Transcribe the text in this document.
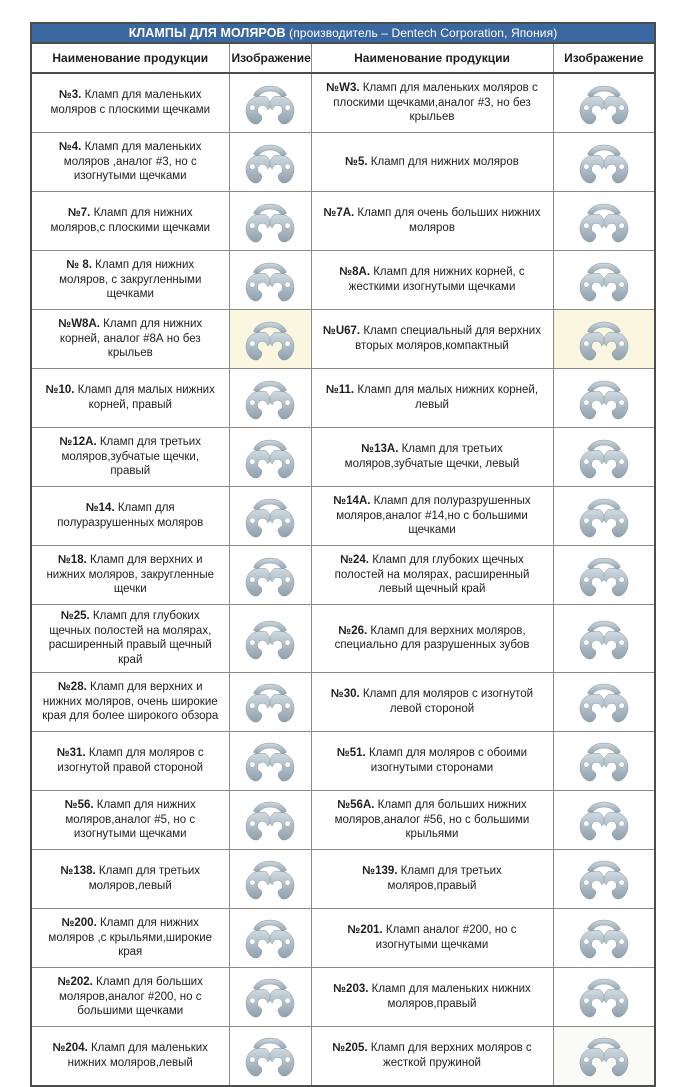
КЛАМПЫ ДЛЯ МОЛЯРОВ (производитель – Dentech Corporation, Япония)			
Наименование продукции	Изображение	Наименование продукции	Изображение
№3. Кламп для маленьких моляров с плоскими щечками		№W3. Кламп для маленьких моляров с плоскими щечками,аналог #3, но без крыльев	

№4. Кламп для маленьких моляров ,аналог #3, но с изогнутыми щечками		№5. Кламп для нижних моляров	

№7. Кламп для нижних моляров,с плоскими щечками		№7А. Кламп для очень больших нижних моляров	

№ 8. Кламп для нижних моляров, с закругленными щечками		№8А. Кламп для нижних корней, с жесткими изогнутыми щечками	

№W8А. Кламп для нижних корней, аналог #8А но без крыльев		№U67. Кламп специальный для верхних вторых моляров,компактный	

№10. Кламп для малых нижних корней, правый		№11. Кламп для малых нижних корней, левый	

№12А. Кламп для третьих моляров,зубчатые щечки, правый		№13А. Кламп для третьих моляров,зубчатые щечки, левый	

№14. Кламп для полуразрушенных моляров		№14А. Кламп для полуразрушенных моляров,аналог #14,но с большими щечками	

№18. Кламп для верхних и нижних моляров, закругленные щечки		№24. Кламп для глубоких щечных полостей на молярах, расширенный левый щечный край	

№25. Кламп для глубоких щечных полостей на молярах, расширенный правый щечный край		№26. Кламп для верхних моляров, специально для разрушенных зубов	

№28. Кламп для верхних и нижних моляров, очень широкие края для более широкого обзора		№30. Кламп для моляров с изогнутой левой стороной	

№31. Кламп для моляров с изогнутой правой стороной		№51. Кламп для моляров с обоими изогнутыми сторонами	

№56. Кламп для нижних моляров,аналог #5, но с изогнутыми щечками		№56А. Кламп для больших нижних моляров,аналог #56, но с большими крыльями	

№138. Кламп для третьих моляров,левый		№139. Кламп для третьих моляров,правый	

№200. Кламп для нижних моляров ,с крыльями,широкие края		№201. Кламп аналог #200, но с изогнутыми щечками	

№202. Кламп для больших моляров,аналог #200, но с большими щечками		№203. Кламп для маленьких нижних моляров,правый	

№204. Кламп для маленьких нижних моляров,левый		№205. Кламп для верхних моляров с жесткой пружиной	
